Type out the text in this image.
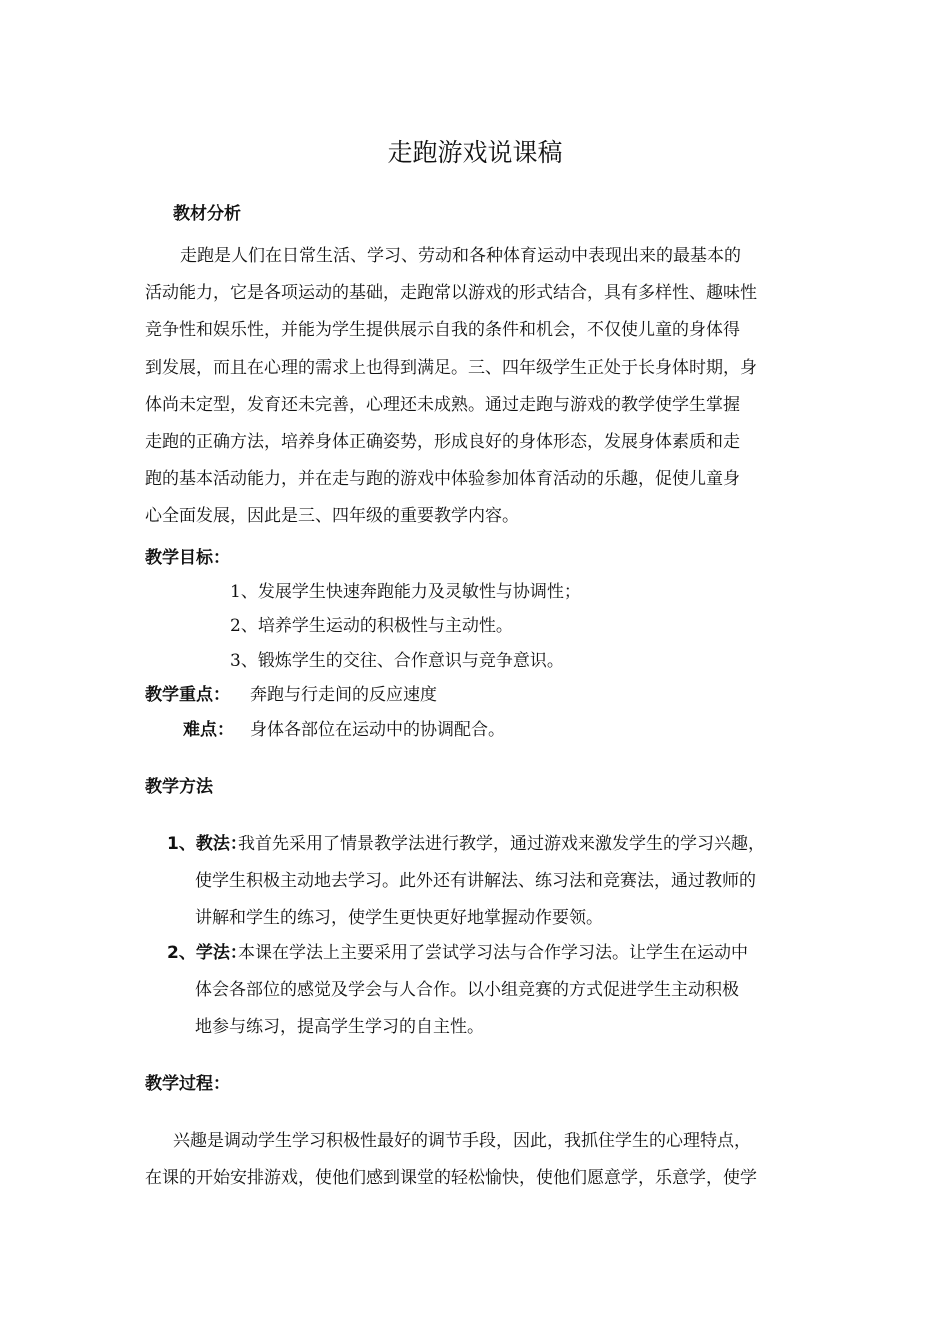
走跑游戏说课稿
教材分析
走跑是人们在日常生活、学习、劳动和各种体育运动中表现出来的最基本的
活动能力，它是各项运动的基础，走跑常以游戏的形式结合，具有多样性、趣味性
竞争性和娱乐性，并能为学生提供展示自我的条件和机会，不仅使儿童的身体得
到发展，而且在心理的需求上也得到满足。三、四年级学生正处于长身体时期，身
体尚未定型，发育还未完善，心理还未成熟。通过走跑与游戏的教学使学生掌握
走跑的正确方法，培养身体正确姿势，形成良好的身体形态，发展身体素质和走
跑的基本活动能力，并在走与跑的游戏中体验参加体育活动的乐趣，促使儿童身
心全面发展，因此是三、四年级的重要教学内容。
教学目标：
1、发展学生快速奔跑能力及灵敏性与协调性；
2、培养学生运动的积极性与主动性。
3、锻炼学生的交往、合作意识与竞争意识。
教学重点： 奔跑与行走间的反应速度
难点： 身体各部位在运动中的协调配合。
教学方法
1、教法：
我首先采用了情景教学法进行教学，通过游戏来激发学生的学习兴趣，
使学生积极主动地去学习。此外还有讲解法、练习法和竞赛法，通过教师的
讲解和学生的练习，使学生更快更好地掌握动作要领。
2、学法：
本课在学法上主要采用了尝试学习法与合作学习法。让学生在运动中
体会各部位的感觉及学会与人合作。以小组竞赛的方式促进学生主动积极
地参与练习，提高学生学习的自主性。
教学过程：
兴趣是调动学生学习积极性最好的调节手段，因此，我抓住学生的心理特点，
在课的开始安排游戏，使他们感到课堂的轻松愉快，使他们愿意学，乐意学，使学
